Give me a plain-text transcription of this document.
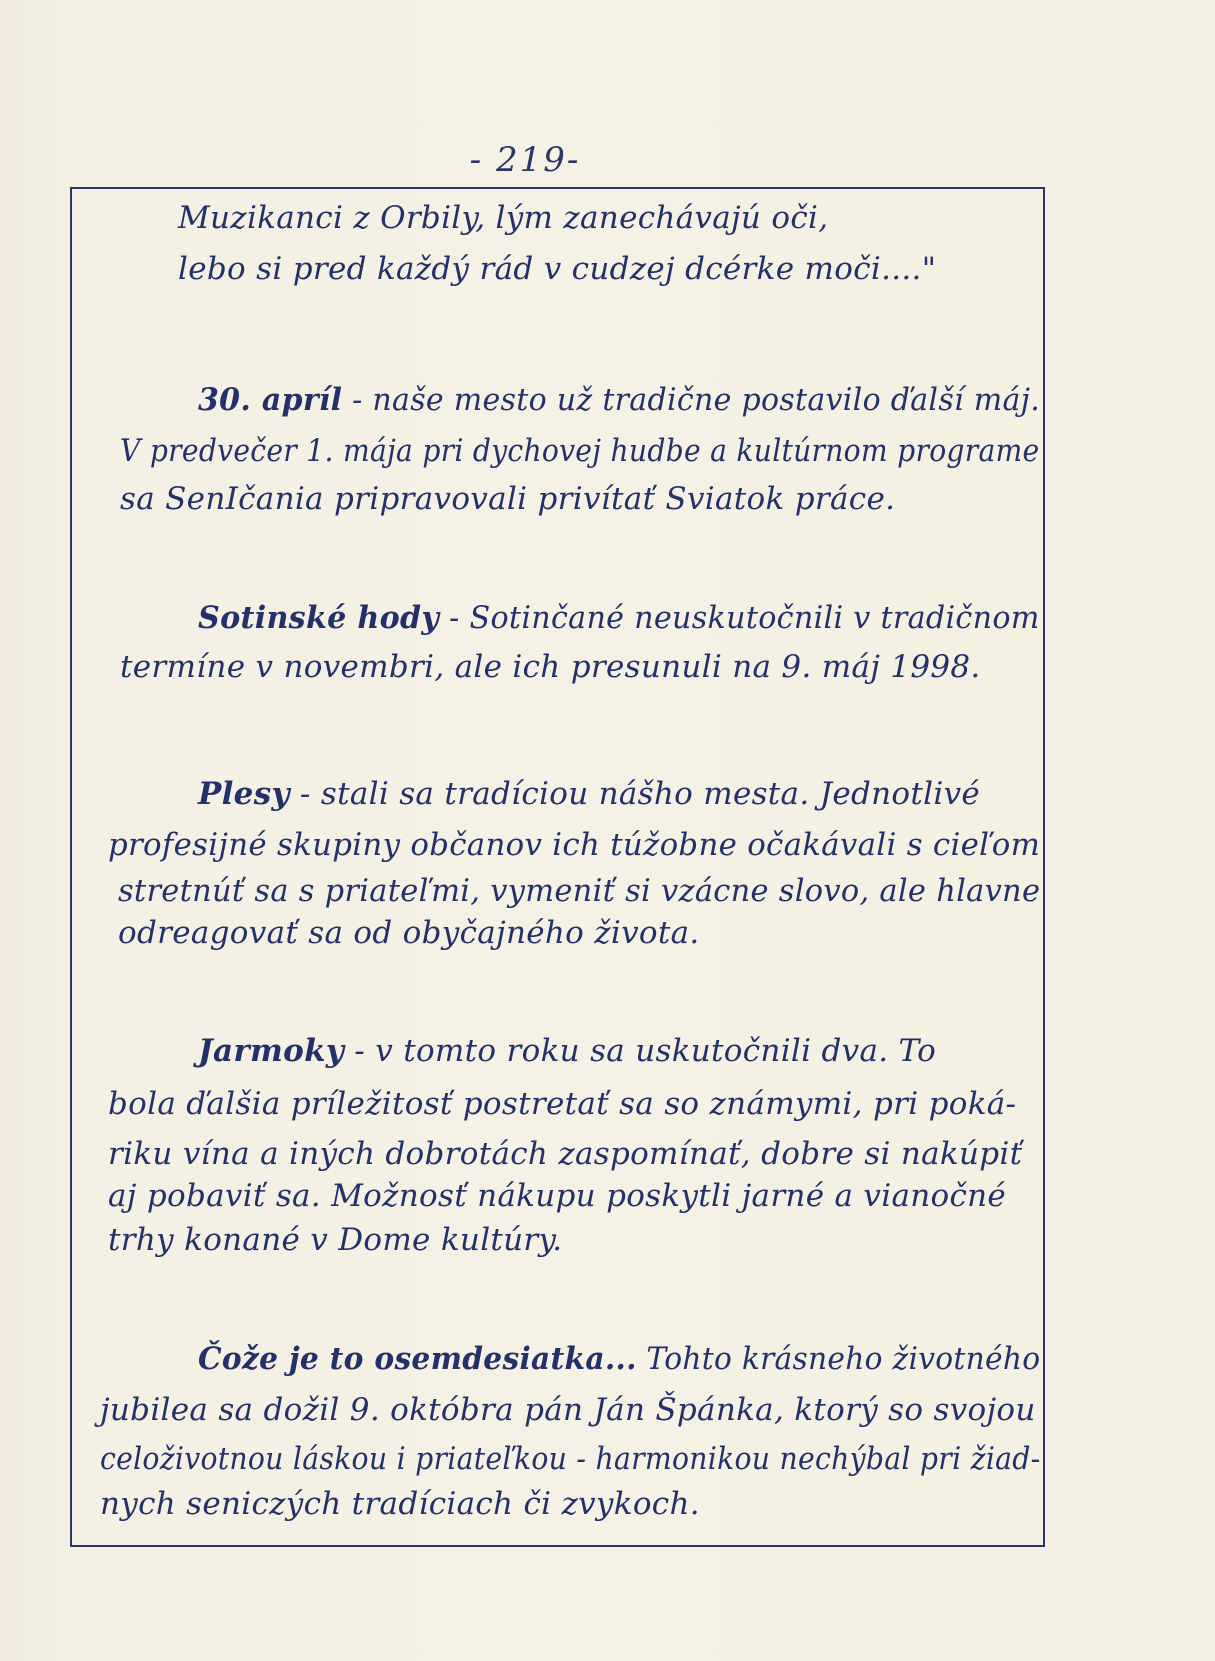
- 219-
Muzikanci z Orbily, lým zanechávajú oči,
lebo si pred každý rád v cudzej dcérke moči...."
30. apríl - naše mesto už tradične postavilo ďalší máj.
V predvečer 1. mája pri dychovej hudbe a kultúrnom programe
sa SenIčania pripravovali privítať Sviatok práce.
Sotinské hody - Sotinčané neuskutočnili v tradičnom
termíne v novembri, ale ich presunuli na 9. máj 1998.
Plesy - stali sa tradíciou nášho mesta. Jednotlivé
profesijné skupiny občanov ich túžobne očakávali s cieľom
stretnúť sa s priateľmi, vymeniť si vzácne slovo, ale hlavne
odreagovať sa od obyčajného života.
Jarmoky - v tomto roku sa uskutočnili dva. To
bola ďalšia príležitosť postretať sa so známymi, pri poká-
riku vína a iných dobrotách zaspomínať, dobre si nakúpiť
aj pobaviť sa. Možnosť nákupu poskytli jarné a vianočné
trhy konané v Dome kultúry.
Čože je to osemdesiatka... Tohto krásneho životného
jubilea sa dožil 9. októbra pán Ján Špánka, ktorý so svojou
celoživotnou láskou i priateľkou - harmonikou nechýbal pri žiad-
nych seniczých tradíciach či zvykoch.
